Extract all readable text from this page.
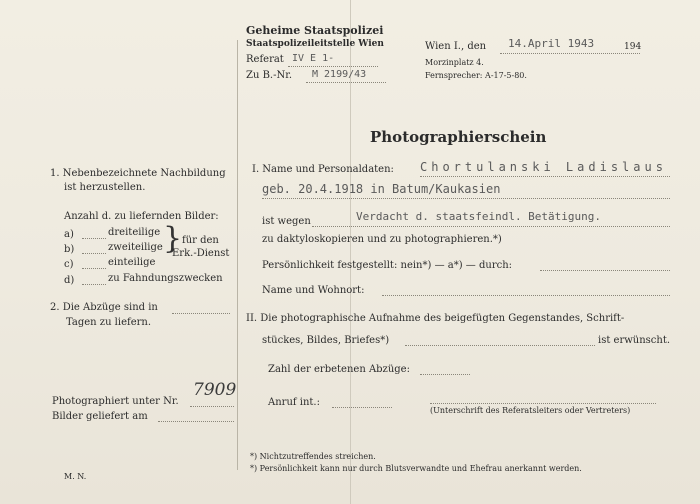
Geheime Staatspolizei
Staatspolizeileitstelle Wien
Referat IV E 1-
Zu B.-Nr. M 2199/43
Wien I., den 14.April 1943	194
Morzinplatz 4.
Fernsprecher: A-17-5-80.
Photographierschein
1. Nebenbezeichnete Nachbildung
ist herzustellen.
Anzahl d. zu liefernden Bilder:
a)	dreiteilige
b)	zweiteilige
c)	einteilige
d)	zu Fahndungszwecken
} für den
Erk.-Dienst
2. Die Abzüge sind in
Tagen zu liefern.
Photographiert unter Nr.
7909
Bilder geliefert am
M. N.
I. Name und Personaldaten: Chortulanski Ladislaus
geb. 20.4.1918 in Batum/Kaukasien
ist wegen	Verdacht d. staatsfeindl. Betätigung.
zu daktyloskopieren und zu photographieren.*)
Persönlichkeit festgestellt: nein*) — a*) — durch:
Name und Wohnort:
II. Die photographische Aufnahme des beigefügten Gegenstandes, Schrift-
stückes, Bildes, Briefes*)	ist erwünscht.
Zahl der erbetenen Abzüge:
Anruf int.:
(Unterschrift des Referatsleiters oder Vertreters)
*) Nichtzutreffendes streichen.
*) Persönlichkeit kann nur durch Blutsverwandte und Ehefrau anerkannt werden.
